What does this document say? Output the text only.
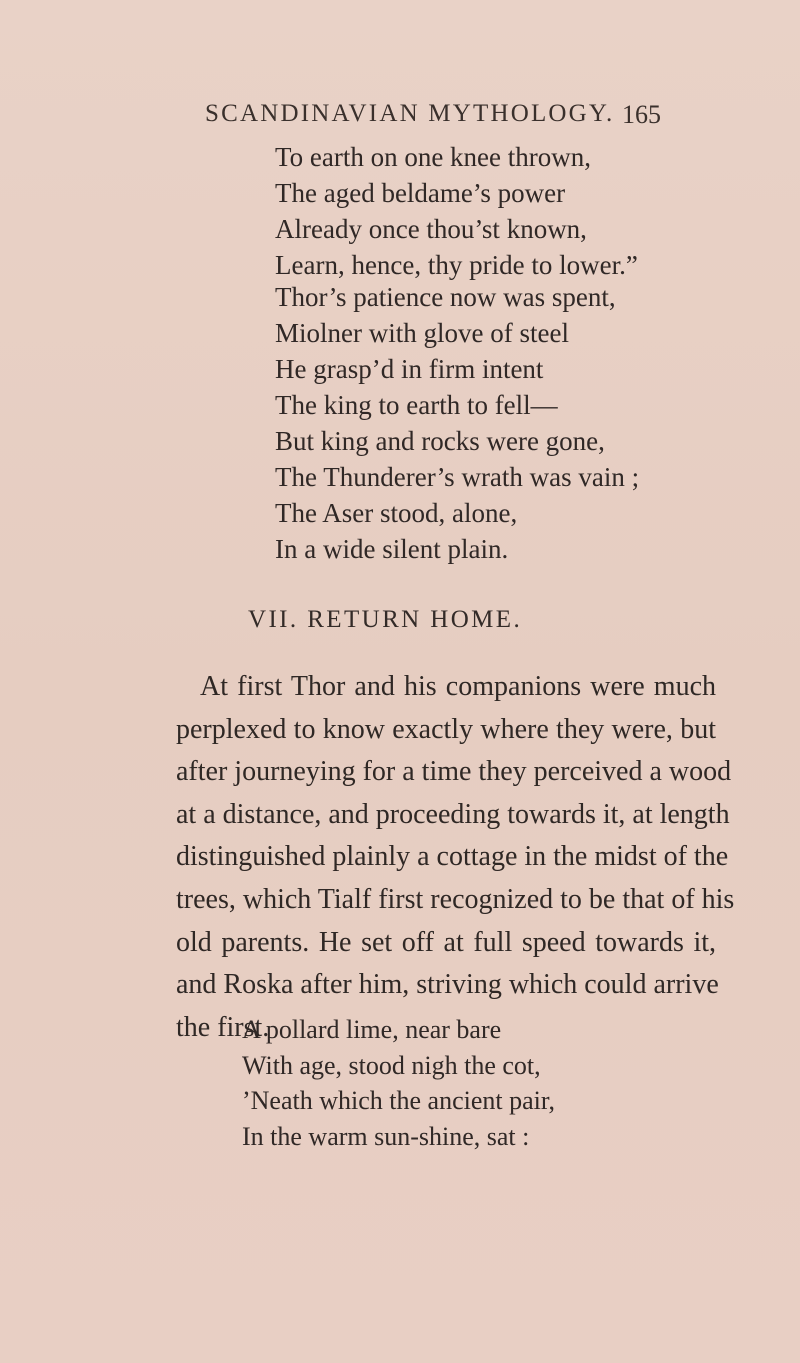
SCANDINAVIAN MYTHOLOGY. 165
To earth on one knee thrown,
The aged beldame’s power
Already once thou’st known,
Learn, hence, thy pride to lower.”
Thor’s patience now was spent,
Miolner with glove of steel
He grasp’d in firm intent
The king to earth to fell—
But king and rocks were gone,
The Thunderer’s wrath was vain ;
The Aser stood, alone,
In a wide silent plain.
VII. RETURN HOME.
At first Thor and his companions were much
perplexed to know exactly where they were, but
after journeying for a time they perceived a wood
at a distance, and proceeding towards it, at length
distinguished plainly a cottage in the midst of the
trees, which Tialf first recognized to be that of his
old parents. He set off at full speed towards it,
and Roska after him, striving which could arrive
the first.
A pollard lime, near bare
With age, stood nigh the cot,
’Neath which the ancient pair,
In the warm sun-shine, sat :
